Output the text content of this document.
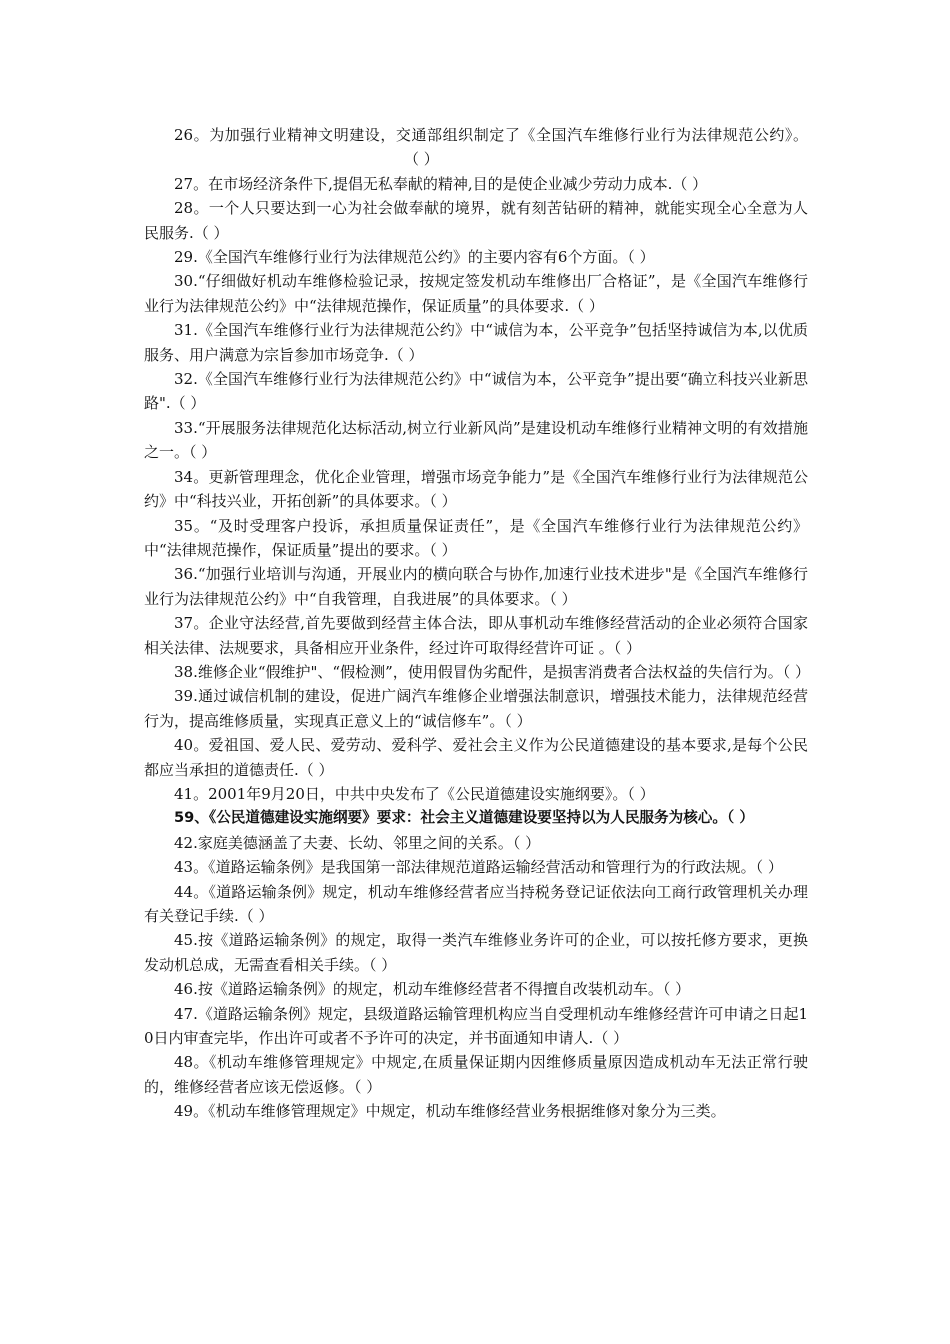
26。为加强行业精神文明建设，交通部组织制定了《全国汽车维修行业行为法律规范公约》。（ ）

27。在市场经济条件下,提倡无私奉献的精神,目的是使企业减少劳动力成本.（ ）

28。一个人只要达到一心为社会做奉献的境界，就有刻苦钻研的精神，就能实现全心全意为人民服务.（ ）

29.《全国汽车维修行业行为法律规范公约》的主要内容有6个方面。（ ）

30.“仔细做好机动车维修检验记录，按规定签发机动车维修出厂合格证”，是《全国汽车维修行业行为法律规范公约》中“法律规范操作，保证质量”的具体要求.（ ）

31.《全国汽车维修行业行为法律规范公约》中“诚信为本，公平竞争”包括坚持诚信为本,以优质服务、用户满意为宗旨参加市场竞争.（ ）

32.《全国汽车维修行业行为法律规范公约》中“诚信为本，公平竞争”提出要“确立科技兴业新思路".（ ）

33.“开展服务法律规范化达标活动,树立行业新风尚”是建设机动车维修行业精神文明的有效措施之一。（ ）

34。更新管理理念，优化企业管理，增强市场竞争能力”是《全国汽车维修行业行为法律规范公约》中“科技兴业，开拓创新”的具体要求。（ ）

35。“及时受理客户投诉，承担质量保证责任”，是《全国汽车维修行业行为法律规范公约》中“法律规范操作，保证质量”提出的要求。（ ）

36.“加强行业培训与沟通，开展业内的横向联合与协作,加速行业技术进步"是《全国汽车维修行业行为法律规范公约》中“自我管理，自我进展”的具体要求。（ ）

37。企业守法经营,首先要做到经营主体合法，即从事机动车维修经营活动的企业必须符合国家相关法律、法规要求，具备相应开业条件，经过许可取得经营许可证 。（ ）

38.维修企业“假维护"、“假检测”，使用假冒伪劣配件，是损害消费者合法权益的失信行为。（ ）

39.通过诚信机制的建设，促进广阔汽车维修企业增强法制意识，增强技术能力，法律规范经营行为，提高维修质量，实现真正意义上的“诚信修车”。（ ）

40。爱祖国、爱人民、爱劳动、爱科学、爱社会主义作为公民道德建设的基本要求,是每个公民都应当承担的道德责任.（ ）

41。2001年9月20日，中共中央发布了《公民道德建设实施纲要》。（ ）

59、《公民道德建设实施纲要》要求：社会主义道德建设要坚持以为人民服务为核心。（ ）

42.家庭美德涵盖了夫妻、长幼、邻里之间的关系。（ ）

43。《道路运输条例》是我国第一部法律规范道路运输经营活动和管理行为的行政法规。（ ）

44。《道路运输条例》规定，机动车维修经营者应当持税务登记证依法向工商行政管理机关办理有关登记手续.（ ）

45.按《道路运输条例》的规定，取得一类汽车维修业务许可的企业，可以按托修方要求，更换发动机总成，无需查看相关手续。（ ）

46.按《道路运输条例》的规定，机动车维修经营者不得擅自改装机动车。（ ）

47.《道路运输条例》规定，县级道路运输管理机构应当自受理机动车维修经营许可申请之日起10日内审查完毕，作出许可或者不予许可的决定，并书面通知申请人.（ ）

48。《机动车维修管理规定》中规定,在质量保证期内因维修质量原因造成机动车无法正常行驶的，维修经营者应该无偿返修。（ ）

49。《机动车维修管理规定》中规定，机动车维修经营业务根据维修对象分为三类。
